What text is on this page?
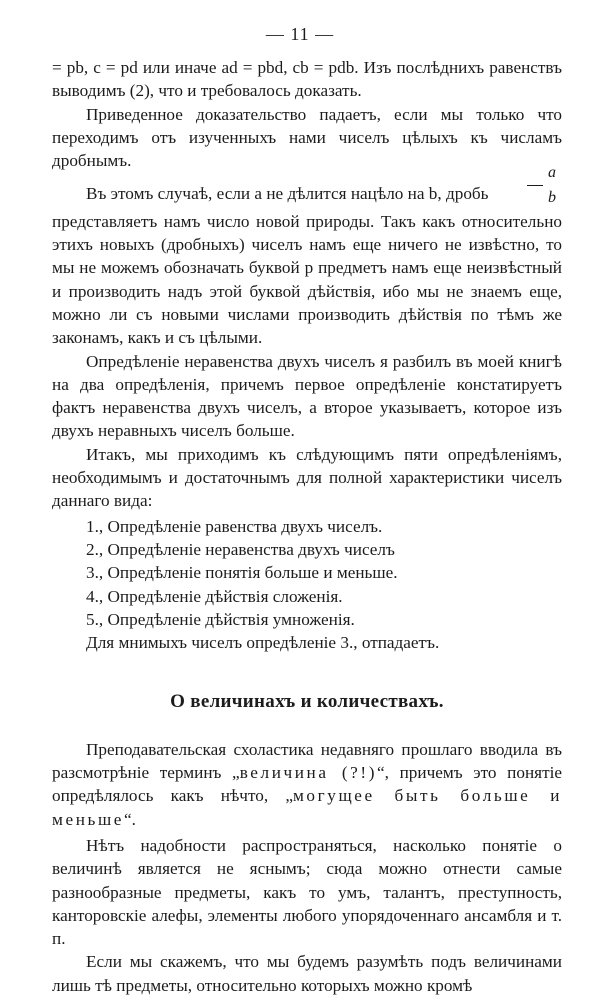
— 11 —

= pb, c = pd или иначе ad = pbd, cb = pdb. Изъ послѣднихъ равенствъ выводимъ (2), что и требовалось доказать.

Приведенное доказательство падаетъ, если мы только что переходимъ отъ изученныхъ нами чиселъ цѣлыхъ къ числамъ дробнымъ.

Въ этомъ случаѣ, если a не дѣлится нацѣло на b, дробь
a
b

представляетъ намъ число новой природы. Такъ какъ относительно этихъ новыхъ (дробныхъ) чиселъ намъ еще ничего не извѣстно, то мы не можемъ обозначать буквой p предметъ намъ еще неизвѣстный и производить надъ этой буквой дѣйствія, ибо мы не знаемъ еще, можно ли съ новыми числами производить дѣйствія по тѣмъ же законамъ, какъ и съ цѣлыми.

Опредѣленіе неравенства двухъ чиселъ я разбилъ въ моей книгѣ на два опредѣленія, причемъ первое опредѣленіе констатируетъ фактъ неравенства двухъ чиселъ, а второе указываетъ, которое изъ двухъ неравныхъ чиселъ больше.

Итакъ, мы приходимъ къ слѣдующимъ пяти опредѣленіямъ, необходимымъ и достаточнымъ для полной характеристики чиселъ даннаго вида:

1., Опредѣленіе равенства двухъ чиселъ.
2., Опредѣленіе неравенства двухъ чиселъ
3., Опредѣленіе понятія больше и меньше.
4., Опредѣленіе дѣйствія сложенія.
5., Опредѣленіе дѣйствія умноженія.

Для мнимыхъ чиселъ опредѣленіе 3., отпадаетъ.

О величинахъ и количествахъ.

Преподавательская схоластика недавняго прошлаго вводила въ разсмотрѣніе терминъ „величина (?!)“, причемъ это понятіе опредѣлялось какъ нѣчто, „могущее быть больше и меньше“.

Нѣтъ надобности распространяться, насколько понятіе о величинѣ является не яснымъ; сюда можно отнести самые разнообразные предметы, какъ то умъ, талантъ, преступность, канторовскіе алефы, элементы любого упорядоченнаго ансамбля и т. п.

Если мы скажемъ, что мы будемъ разумѣть подъ величинами лишь тѣ предметы, относительно которыхъ можно кромѣ
